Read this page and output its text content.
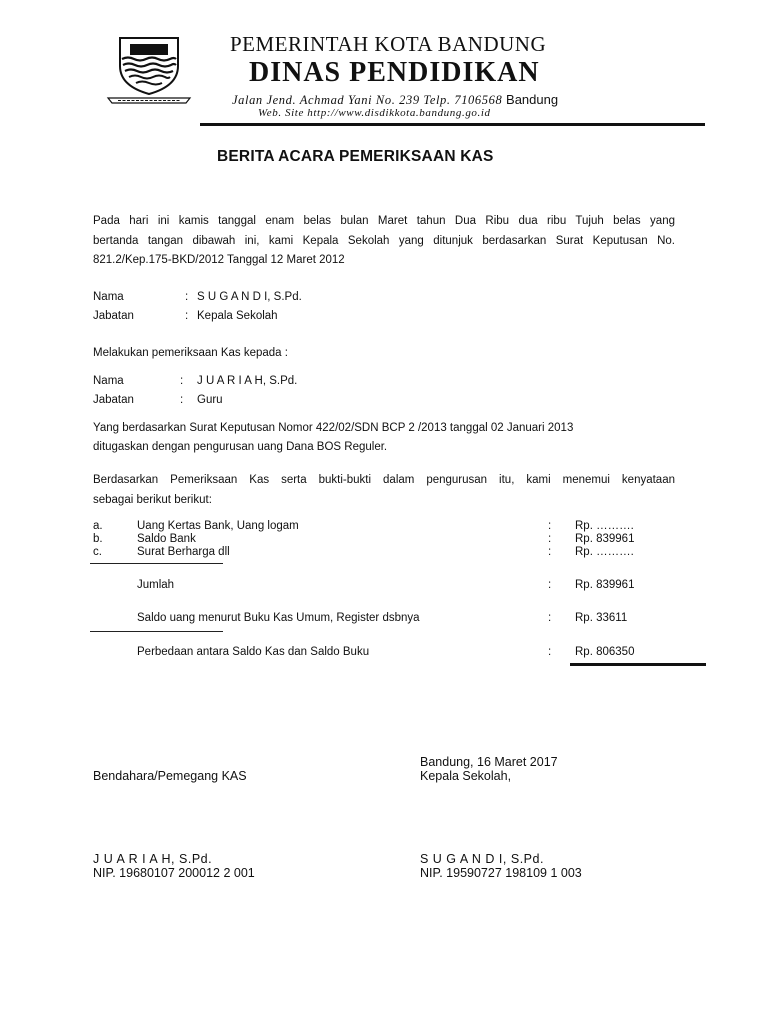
PEMERINTAH KOTA BANDUNG
DINAS PENDIDIKAN
Jalan Jend. Achmad Yani No. 239 Telp. 7106568 Bandung
Web. Site http://www.disdikkota.bandung.go.id
BERITA ACARA PEMERIKSAAN KAS
Pada hari ini kamis tanggal enam belas bulan Maret tahun Dua Ribu dua ribu Tujuh belas yang
bertanda tangan dibawah ini, kami Kepala Sekolah yang ditunjuk berdasarkan Surat Keputusan No.
821.2/Kep.175-BKD/2012 Tanggal 12 Maret 2012
Nama	: S U G A N D I, S.Pd.
Jabatan	: Kepala Sekolah
Melakukan pemeriksaan Kas kepada :
Nama	: J U A R I A H, S.Pd.
Jabatan	: Guru
Yang berdasarkan Surat Keputusan Nomor 422/02/SDN BCP 2 /2013 tanggal 02 Januari 2013
ditugaskan dengan pengurusan uang Dana BOS Reguler.
Berdasarkan Pemeriksaan Kas serta bukti-bukti dalam pengurusan itu, kami menemui kenyataan
sebagai berikut berikut:
a.	Uang Kertas Bank, Uang logam	: Rp. ……….
b.	Saldo Bank	: Rp. 839961
c.	Surat Berharga dll	: Rp. ……….
Jumlah	: Rp. 839961
Saldo uang menurut Buku Kas Umum, Register dsbnya	: Rp. 33611
Perbedaan antara Saldo Kas dan Saldo Buku	: Rp. 806350
Bandung, 16 Maret 2017
Bendahara/Pemegang KAS	Kepala Sekolah,
J U A R I A H, S.Pd.
NIP. 19680107 200012 2 001
S U G A N D I, S.Pd.
NIP. 19590727 198109 1 003
